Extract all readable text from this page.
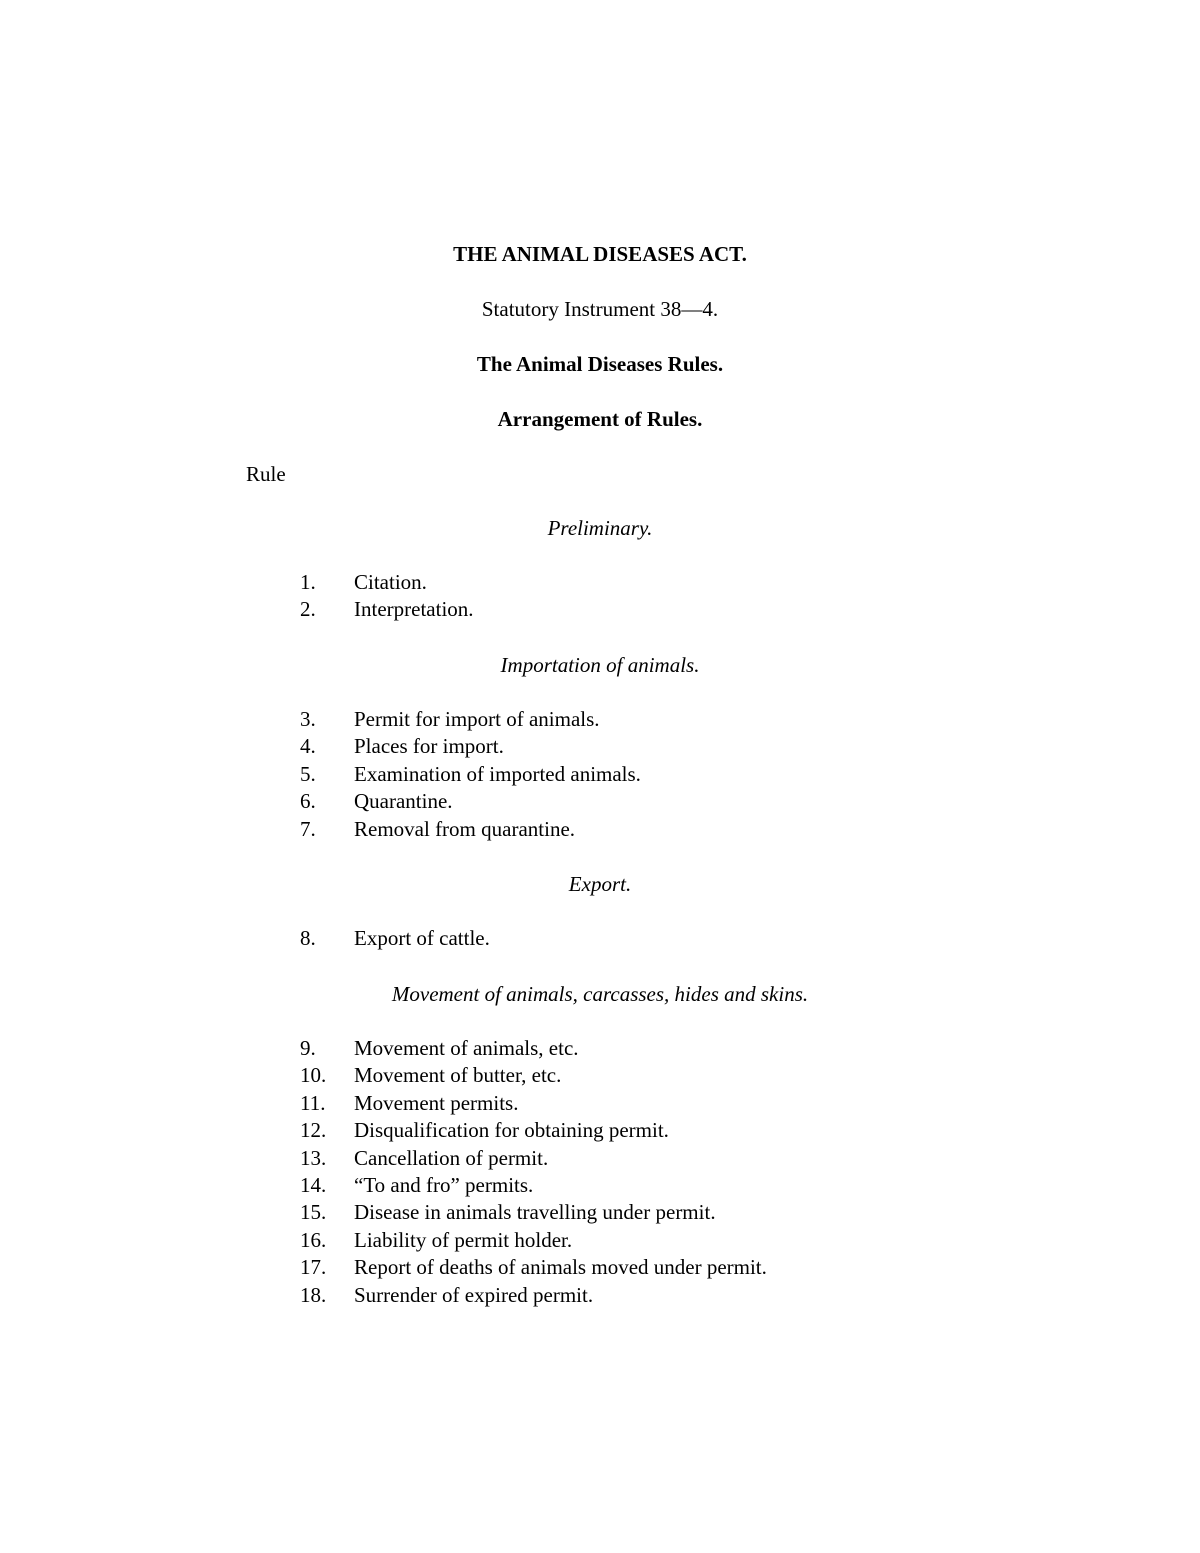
THE ANIMAL DISEASES ACT.
Statutory Instrument 38—4.
The Animal Diseases Rules.
Arrangement of Rules.
Rule
Preliminary.
1.	Citation.
2.	Interpretation.
Importation of animals.
3.	Permit for import of animals.
4.	Places for import.
5.	Examination of imported animals.
6.	Quarantine.
7.	Removal from quarantine.
Export.
8.	Export of cattle.
Movement of animals, carcasses, hides and skins.
9.	Movement of animals, etc.
10.	Movement of butter, etc.
11.	Movement permits.
12.	Disqualification for obtaining permit.
13.	Cancellation of permit.
14.	“To and fro” permits.
15.	Disease in animals travelling under permit.
16.	Liability of permit holder.
17.	Report of deaths of animals moved under permit.
18.	Surrender of expired permit.
